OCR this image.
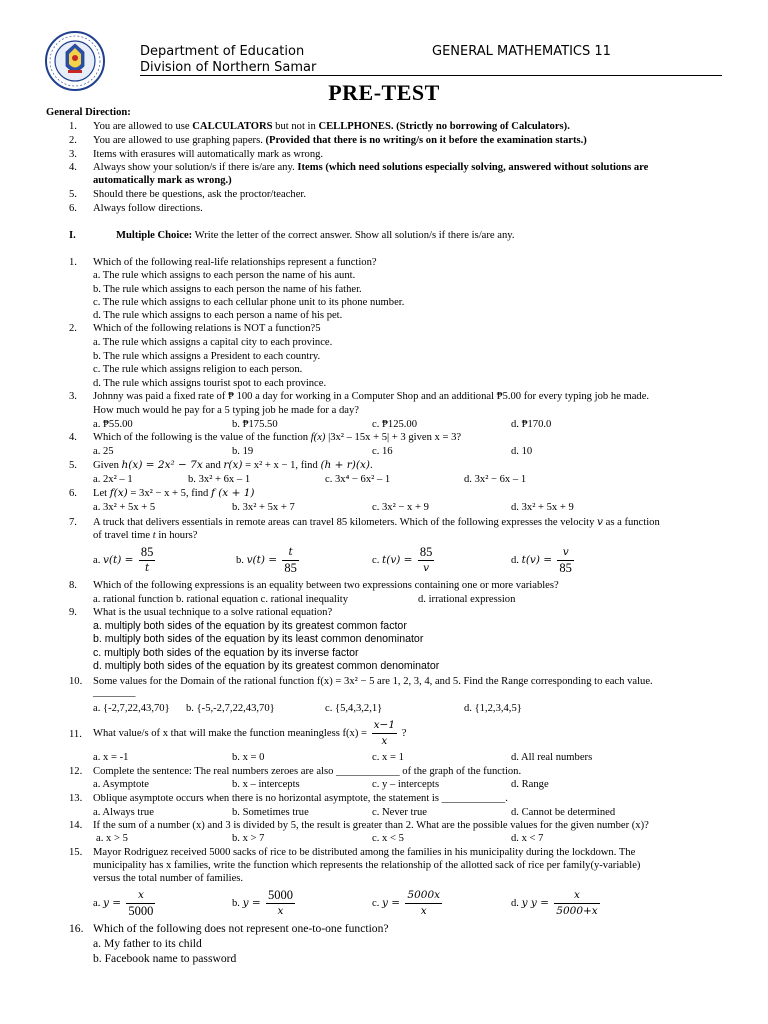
Department of Education
Division of Northern Samar
GENERAL MATHEMATICS 11
PRE-TEST
General Direction:
1. You are allowed to use CALCULATORS but not in CELLPHONES. (Strictly no borrowing of Calculators).
2. You are allowed to use graphing papers. (Provided that there is no writing/s on it before the examination starts.)
3. Items with erasures will automatically mark as wrong.
4. Always show your solution/s if there is/are any. Items (which need solutions especially solving, answered without solutions are
automatically mark as wrong.)
5. Should there be questions, ask the proctor/teacher.
6. Always follow directions.
I.	Multiple Choice: Write the letter of the correct answer. Show all solution/s if there is/are any.
1. Which of the following real-life relationships represent a function?
a. The rule which assigns to each person the name of his aunt.
b. The rule which assigns to each person the name of his father.
c. The rule which assigns to each cellular phone unit to its phone number.
d. The rule which assigns to each person a name of his pet.
2. Which of the following relations is NOT a function?5
a. The rule which assigns a capital city to each province.
b. The rule which assigns a President to each country.
c. The rule which assigns religion to each person.
d. The rule which assigns tourist spot to each province.
3. Johnny was paid a fixed rate of ₱ 100 a day for working in a Computer Shop and an additional ₱5.00 for every typing job he made.
How much would he pay for a 5 typing job he made for a day?
a. ₱55.00	b. ₱175.50	c. ₱125.00	d. ₱170.0
4. Which of the following is the value of the function f(x) |3x² – 15x + 5| + 3 given x = 3?
a. 25	b. 19	c. 16	d. 10
5. Given h(x) = 2x² − 7x and r(x) = x² + x − 1, find (h + r)(x).
a. 2x² – 1	b. 3x² + 6x – 1	c. 3x⁴ − 6x² – 1	d. 3x² − 6x – 1
6. Let f(x) = 3x² − x + 5, find f (x + 1)
a. 3x² + 5x + 5	b. 3x² + 5x + 7	c. 3x² − x + 9	d. 3x² + 5x + 9
7. A truck that delivers essentials in remote areas can travel 85 kilometers. Which of the following expresses the velocity v as a function
of travel time t in hours?
a. $v(t) = \frac{85}{t}$	b. $v(t) = \frac{t}{85}$	c. $t(v) = \frac{85}{v}$	d. $t(v) = \frac{v}{85}$
8. Which of the following expressions is an equality between two expressions containing one or more variables?
a. rational function b. rational equation c. rational inequality	d. irrational expression
9. What is the usual technique to a solve rational equation?
a. multiply both sides of the equation by its greatest common factor
b. multiply both sides of the equation by its least common denominator
c. multiply both sides of the equation by its inverse factor
d. multiply both sides of the equation by its greatest common denominator
10. Some values for the Domain of the rational function f(x) = 3x² − 5 are 1, 2, 3, 4, and 5. Find the Range corresponding to each value.
________
a. {-2,7,22,43,70} b. {-5,-2,7,22,43,70}	c. {5,4,3,2,1}	d. {1,2,3,4,5}
11. What value/s of x that will make the function meaningless $f(x) = \frac{x-1}{x}$ ?
a. x = -1	b. x = 0	c. x = 1	d. All real numbers
12. Complete the sentence: The real numbers zeroes are also ____________ of the graph of the function.
a. Asymptote	b. x – intercepts	c. y – intercepts	d. Range
13. Oblique asymptote occurs when there is no horizontal asymptote, the statement is ____________.
a. Always true	b. Sometimes true	c. Never true	d. Cannot be determined
14. If the sum of a number (x) and 3 is divided by 5, the result is greater than 2. What are the possible values for the given number (x)?
a. x > 5	b. x > 7	c. x < 5	d. x < 7
15. Mayor Rodriguez received 5000 sacks of rice to be distributed among the families in his municipality during the lockdown. The
municipality has x families, write the function which represents the relationship of the allotted sack of rice per family(y-variable)
versus the total number of families.
a. $y = \frac{x}{5000}$	b. $y = \frac{5000}{x}$	c. $y = \frac{5000x}{x}$	d. y $y = \frac{x}{5000+x}$
16. Which of the following does not represent one-to-one function?
a. My father to its child
b. Facebook name to password
